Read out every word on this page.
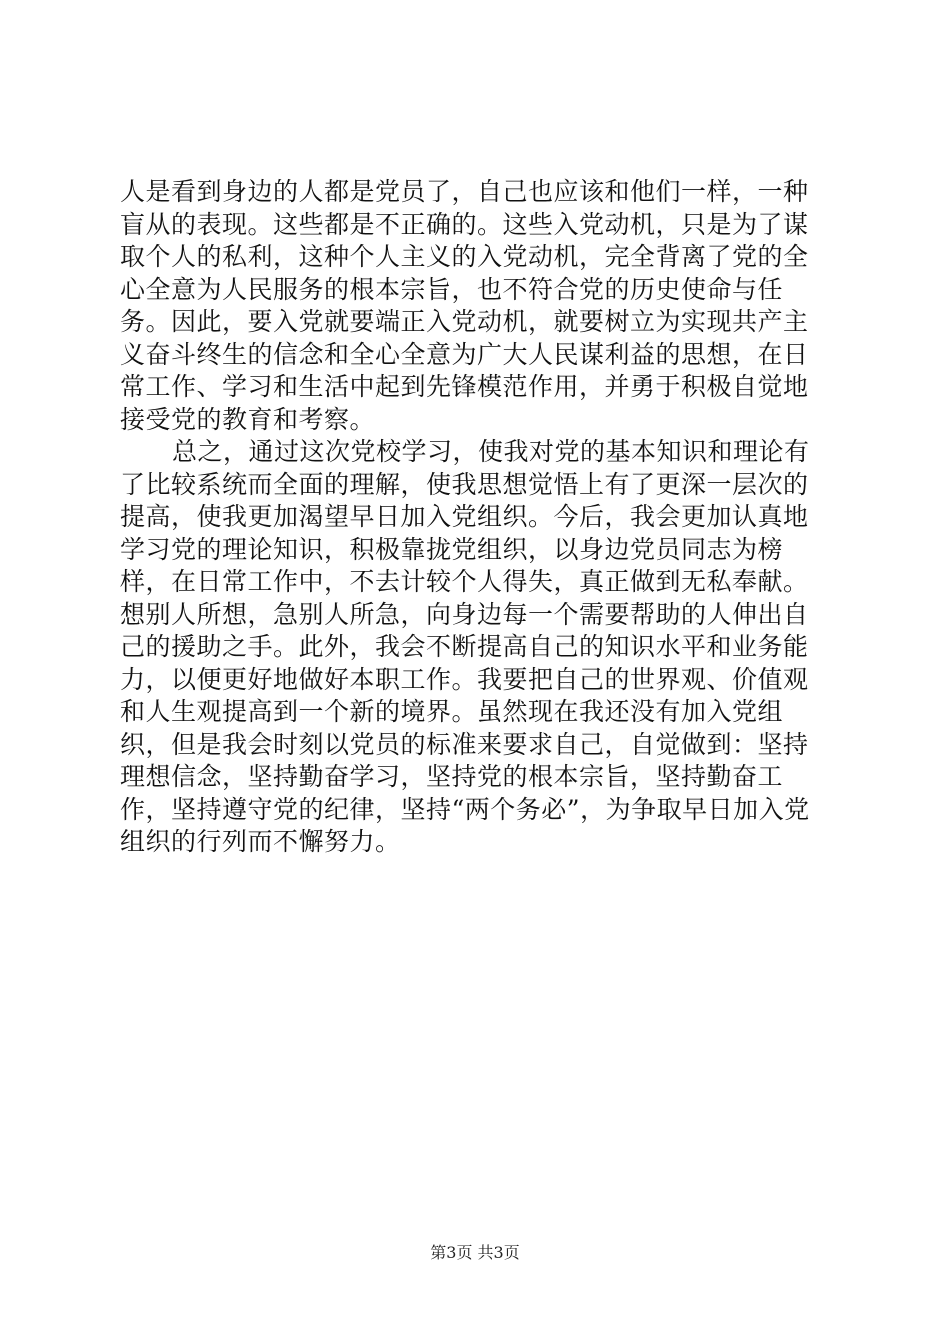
人是看到身边的人都是党员了，自己也应该和他们一样，一种盲从的表现。这些都是不正确的。这些入党动机，只是为了谋取个人的私利，这种个人主义的入党动机，完全背离了党的全心全意为人民服务的根本宗旨，也不符合党的历史使命与任务。因此，要入党就要端正入党动机，就要树立为实现共产主义奋斗终生的信念和全心全意为广大人民谋利益的思想，在日常工作、学习和生活中起到先锋模范作用，并勇于积极自觉地接受党的教育和考察。

总之，通过这次党校学习，使我对党的基本知识和理论有了比较系统而全面的理解，使我思想觉悟上有了更深一层次的提高，使我更加渴望早日加入党组织。今后，我会更加认真地学习党的理论知识，积极靠拢党组织，以身边党员同志为榜样，在日常工作中，不去计较个人得失，真正做到无私奉献。想别人所想，急别人所急，向身边每一个需要帮助的人伸出自己的援助之手。此外，我会不断提高自己的知识水平和业务能力，以便更好地做好本职工作。我要把自己的世界观、价值观和人生观提高到一个新的境界。虽然现在我还没有加入党组织，但是我会时刻以党员的标准来要求自己，自觉做到：坚持理想信念，坚持勤奋学习，坚持党的根本宗旨，坚持勤奋工作，坚持遵守党的纪律，坚持“两个务必”，为争取早日加入党组织的行列而不懈努力。

第3页 共3页
